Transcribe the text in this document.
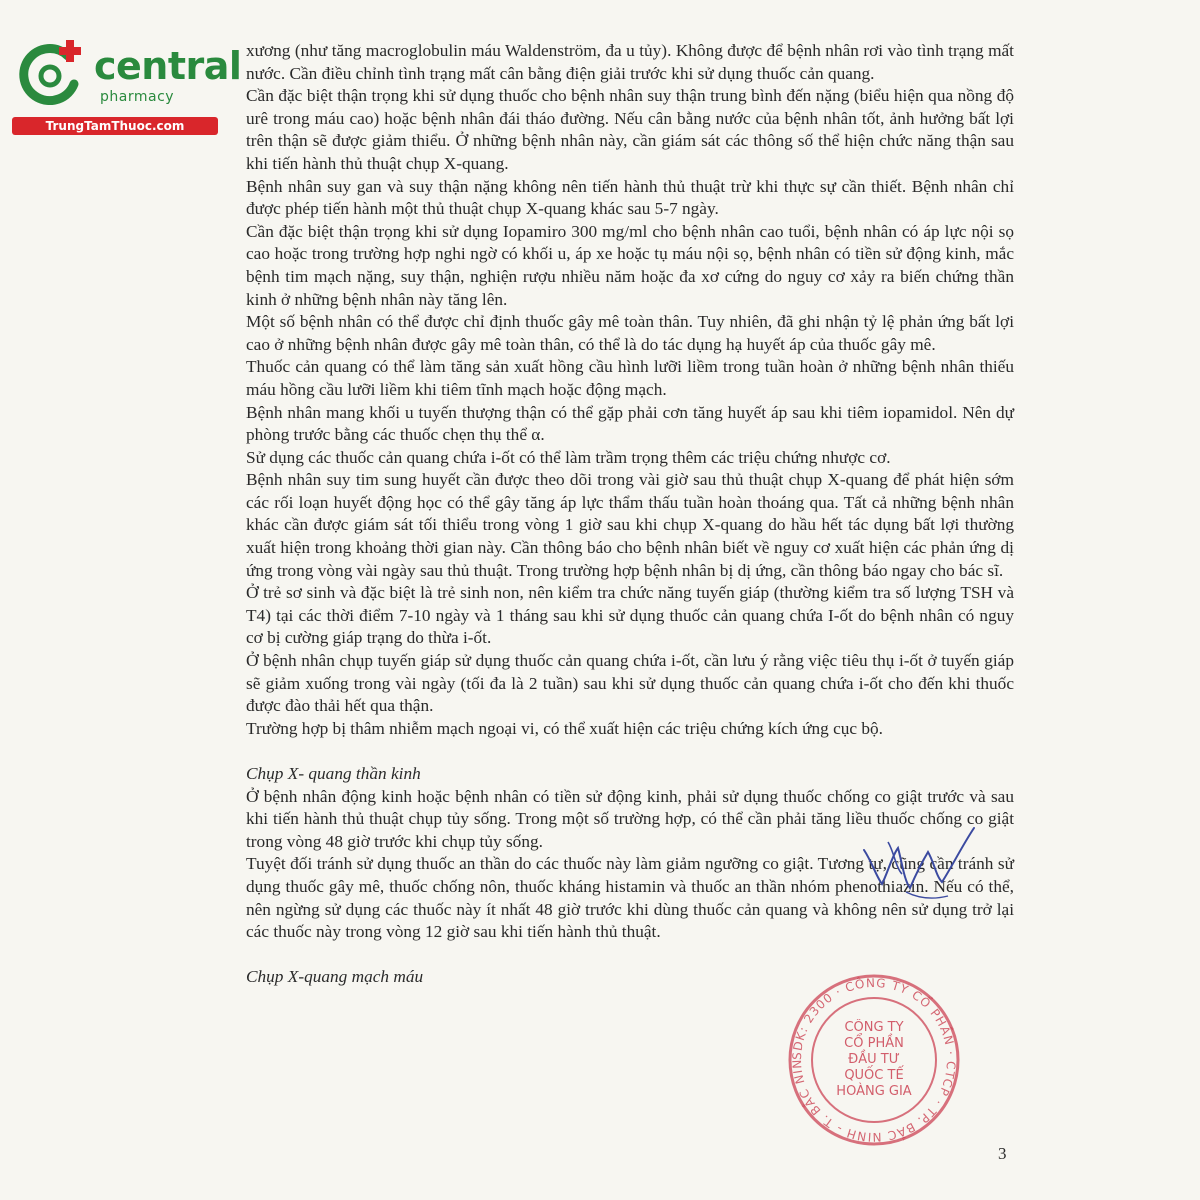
central
pharmacy
TrungTamThuoc.com

xương (như tăng macroglobulin máu Waldenström, đa u tủy). Không được để bệnh nhân rơi vào tình trạng mất nước. Cần điều chỉnh tình trạng mất cân bằng điện giải trước khi sử dụng thuốc cản quang.

Cần đặc biệt thận trọng khi sử dụng thuốc cho bệnh nhân suy thận trung bình đến nặng (biểu hiện qua nồng độ urê trong máu cao) hoặc bệnh nhân đái tháo đường. Nếu cân bằng nước của bệnh nhân tốt, ảnh hưởng bất lợi trên thận sẽ được giảm thiểu. Ở những bệnh nhân này, cần giám sát các thông số thể hiện chức năng thận sau khi tiến hành thủ thuật chụp X-quang.

Bệnh nhân suy gan và suy thận nặng không nên tiến hành thủ thuật trừ khi thực sự cần thiết. Bệnh nhân chỉ được phép tiến hành một thủ thuật chụp X-quang khác sau 5-7 ngày.

Cần đặc biệt thận trọng khi sử dụng Iopamiro 300 mg/ml cho bệnh nhân cao tuổi, bệnh nhân có áp lực nội sọ cao hoặc trong trường hợp nghi ngờ có khối u, áp xe hoặc tụ máu nội sọ, bệnh nhân có tiền sử động kinh, mắc bệnh tim mạch nặng, suy thận, nghiện rượu nhiều năm hoặc đa xơ cứng do nguy cơ xảy ra biến chứng thần kinh ở những bệnh nhân này tăng lên.

Một số bệnh nhân có thể được chỉ định thuốc gây mê toàn thân. Tuy nhiên, đã ghi nhận tỷ lệ phản ứng bất lợi cao ở những bệnh nhân được gây mê toàn thân, có thể là do tác dụng hạ huyết áp của thuốc gây mê.

Thuốc cản quang có thể làm tăng sản xuất hồng cầu hình lưỡi liềm trong tuần hoàn ở những bệnh nhân thiếu máu hồng cầu lưỡi liềm khi tiêm tĩnh mạch hoặc động mạch.

Bệnh nhân mang khối u tuyến thượng thận có thể gặp phải cơn tăng huyết áp sau khi tiêm iopamidol. Nên dự phòng trước bằng các thuốc chẹn thụ thể α.

Sử dụng các thuốc cản quang chứa i-ốt có thể làm trầm trọng thêm các triệu chứng nhược cơ.

Bệnh nhân suy tim sung huyết cần được theo dõi trong vài giờ sau thủ thuật chụp X-quang để phát hiện sớm các rối loạn huyết động học có thể gây tăng áp lực thẩm thấu tuần hoàn thoáng qua. Tất cả những bệnh nhân khác cần được giám sát tối thiểu trong vòng 1 giờ sau khi chụp X-quang do hầu hết tác dụng bất lợi thường xuất hiện trong khoảng thời gian này. Cần thông báo cho bệnh nhân biết về nguy cơ xuất hiện các phản ứng dị ứng trong vòng vài ngày sau thủ thuật. Trong trường hợp bệnh nhân bị dị ứng, cần thông báo ngay cho bác sĩ.

Ở trẻ sơ sinh và đặc biệt là trẻ sinh non, nên kiểm tra chức năng tuyến giáp (thường kiểm tra số lượng TSH và T4) tại các thời điểm 7-10 ngày và 1 tháng sau khi sử dụng thuốc cản quang chứa I-ốt do bệnh nhân có nguy cơ bị cường giáp trạng do thừa i-ốt.

Ở bệnh nhân chụp tuyến giáp sử dụng thuốc cản quang chứa i-ốt, cần lưu ý rằng việc tiêu thụ i-ốt ở tuyến giáp sẽ giảm xuống trong vài ngày (tối đa là 2 tuần) sau khi sử dụng thuốc cản quang chứa i-ốt cho đến khi thuốc được đào thải hết qua thận.

Trường hợp bị thâm nhiễm mạch ngoại vi, có thể xuất hiện các triệu chứng kích ứng cục bộ.

Chụp X- quang thần kinh

Ở bệnh nhân động kinh hoặc bệnh nhân có tiền sử động kinh, phải sử dụng thuốc chống co giật trước và sau khi tiến hành thủ thuật chụp tủy sống. Trong một số trường hợp, có thể cần phải tăng liều thuốc chống co giật trong vòng 48 giờ trước khi chụp tủy sống.

Tuyệt đối tránh sử dụng thuốc an thần do các thuốc này làm giảm ngưỡng co giật. Tương tự, cũng cần tránh sử dụng thuốc gây mê, thuốc chống nôn, thuốc kháng histamin và thuốc an thần nhóm phenothiazin. Nếu có thể, nên ngừng sử dụng các thuốc này ít nhất 48 giờ trước khi dùng thuốc cản quang và không nên sử dụng trở lại các thuốc này trong vòng 12 giờ sau khi tiến hành thủ thuật.

Chụp X-quang mạch máu

SDK: 2300 · CÔNG TY CỔ PHẦN · CTCP · TP. BẮC NINH - T. BẮC NIN
CÔNG TY
CỔ PHẦN
ĐẦU TƯ
QUỐC TẾ
HOÀNG GIA
3
